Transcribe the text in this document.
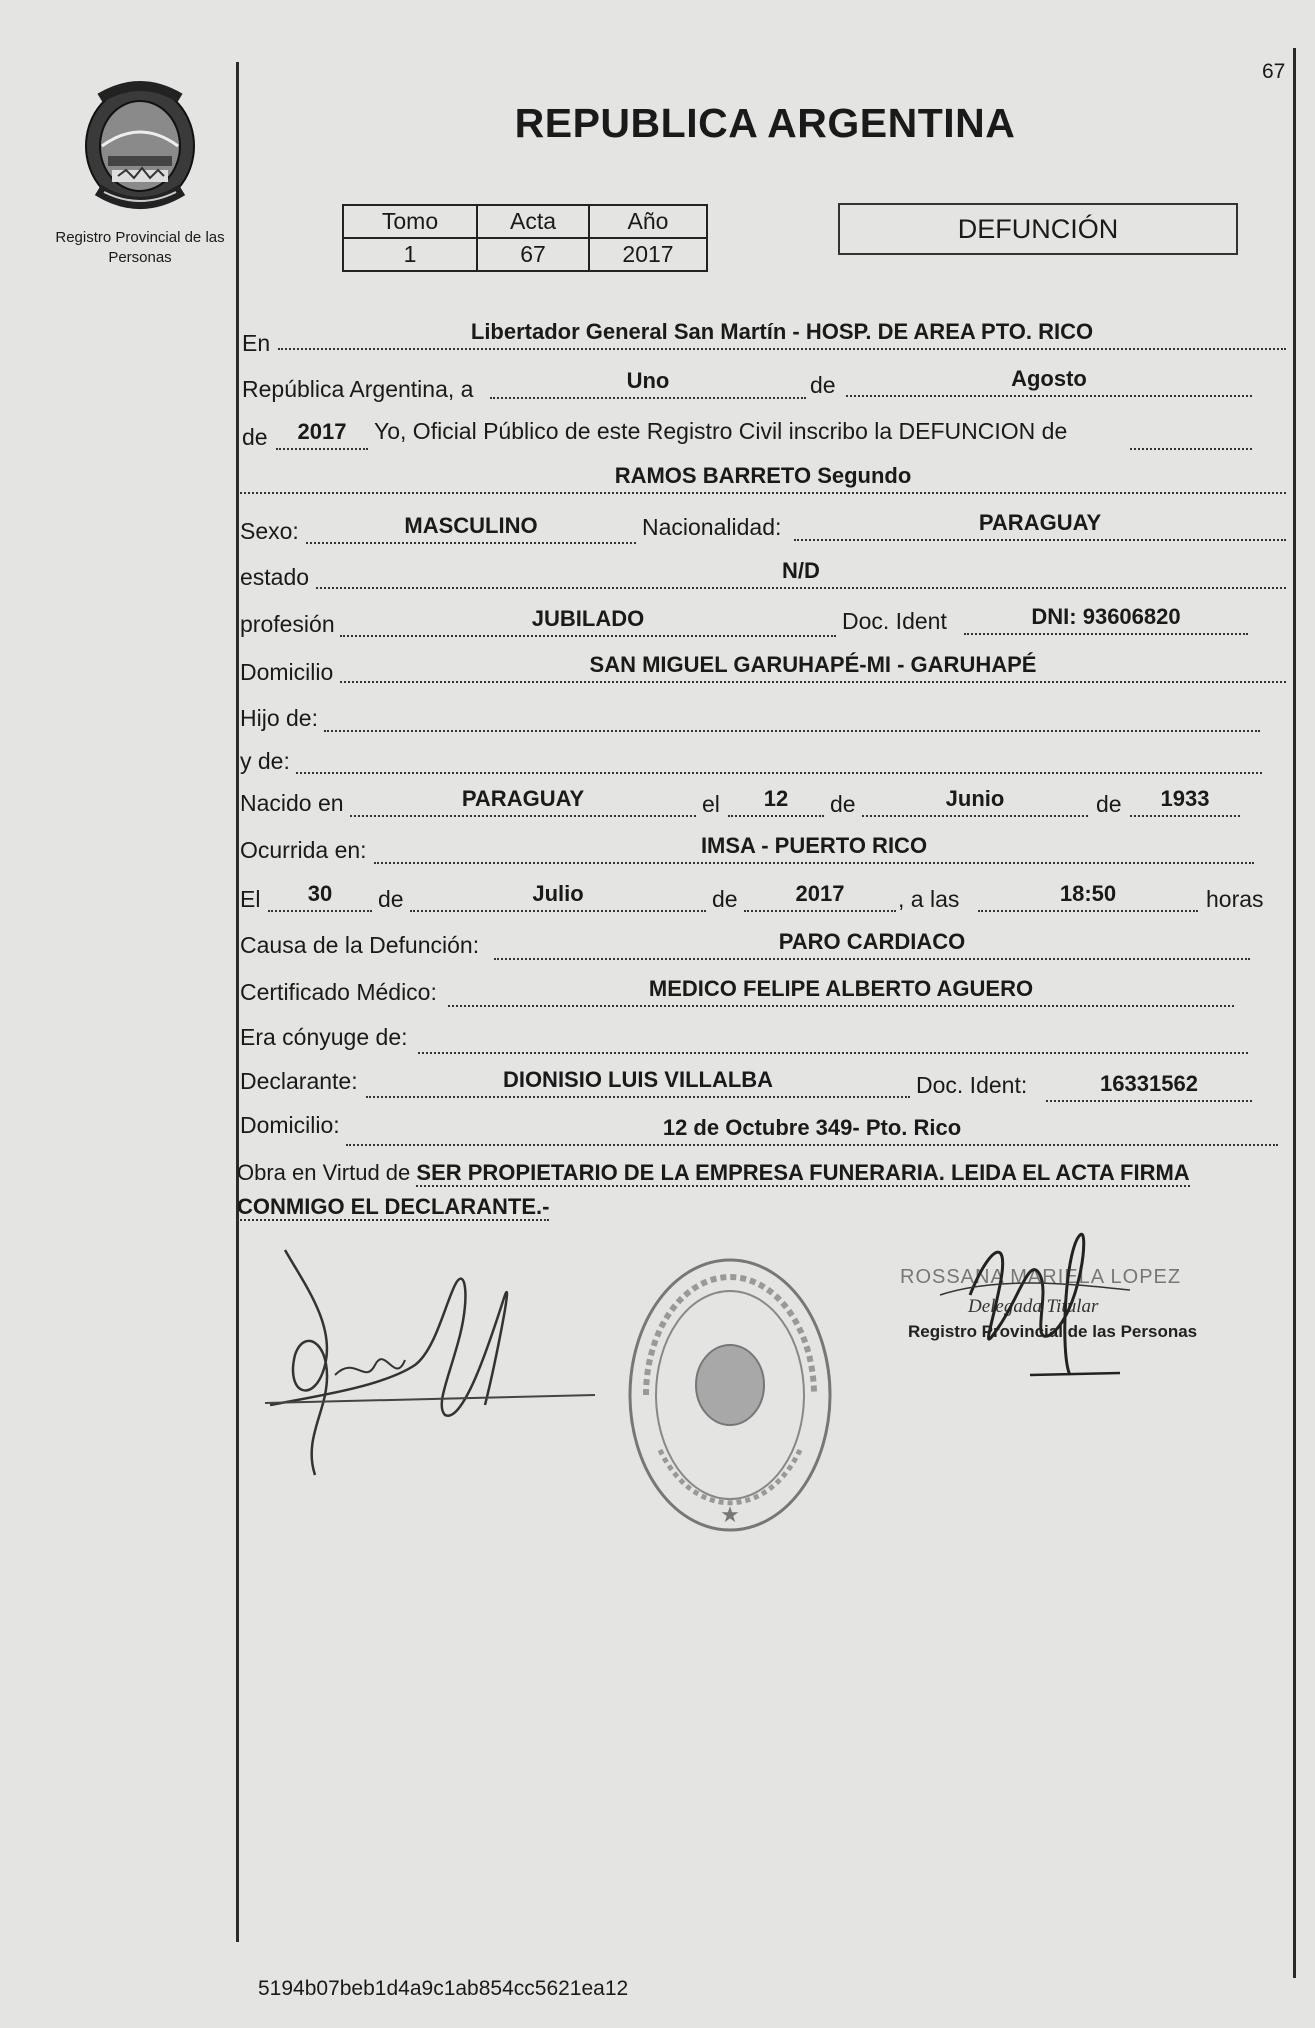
67
Registro Provincial de las Personas
REPUBLICA ARGENTINA
Tomo	Acta	Año
1	67	2017
DEFUNCIÓN
En	Libertador General San Martín - HOSP. DE AREA PTO. RICO
República Argentina, a	Uno	de	Agosto
de	2017	Yo, Oficial Público de este Registro Civil inscribo la DEFUNCION de
RAMOS BARRETO Segundo
Sexo:	MASCULINO	Nacionalidad:	PARAGUAY
estado	N/D
profesión	JUBILADO	Doc. Ident	DNI: 93606820
Domicilio	SAN MIGUEL GARUHAPÉ-MI - GARUHAPÉ
Hijo de:
y de:
Nacido en	PARAGUAY	el	12	de	Junio	de	1933
Ocurrida en:	IMSA - PUERTO RICO
El	30	de	Julio	de	2017	, a las	18:50	horas
Causa de la Defunción:	PARO CARDIACO
Certificado Médico:	MEDICO FELIPE ALBERTO AGUERO
Era cónyuge de:
Declarante:	DIONISIO LUIS VILLALBA	Doc. Ident:	16331562
Domicilio:	12 de Octubre 349- Pto. Rico
Obra en Virtud de SER PROPIETARIO DE LA EMPRESA FUNERARIA. LEIDA EL ACTA FIRMA CONMIGO EL DECLARANTE.-
★
ROSSANA MARIELA LOPEZ
Delegada Titular
Registro Provincial de las Personas
5194b07beb1d4a9c1ab854cc5621ea12
